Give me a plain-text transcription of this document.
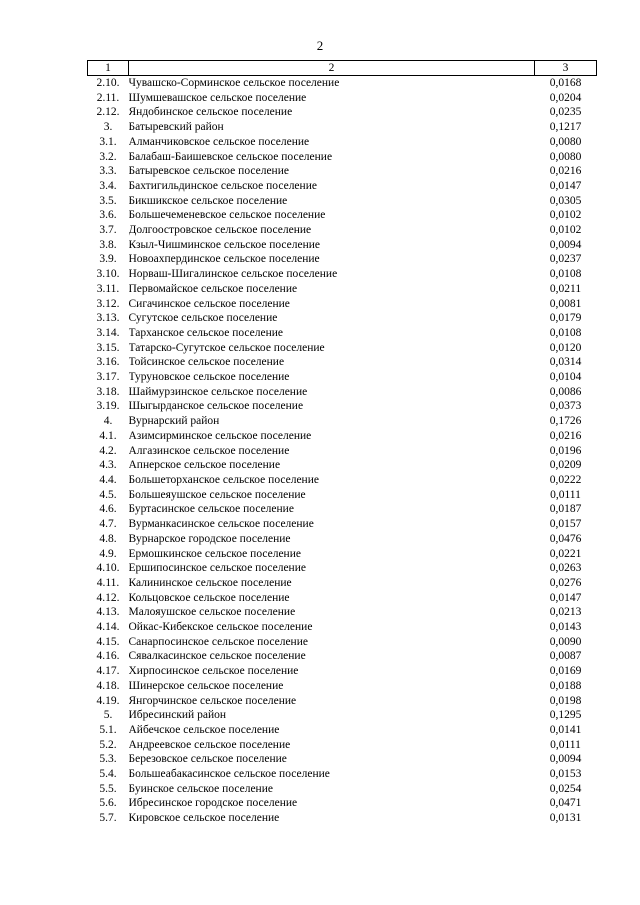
2
1	2	3
2.10.	Чувашско-Сорминское сельское поселение	0,0168
2.11.	Шумшевашское сельское поселение	0,0204
2.12.	Яндобинское сельское поселение	0,0235
3.	Батыревский район	0,1217
3.1.	Алманчиковское сельское поселение	0,0080
3.2.	Балабаш-Баишевское сельское поселение	0,0080
3.3.	Батыревское сельское поселение	0,0216
3.4.	Бахтигильдинское сельское поселение	0,0147
3.5.	Бикшикское сельское поселение	0,0305
3.6.	Большечеменевское сельское поселение	0,0102
3.7.	Долгоостровское сельское поселение	0,0102
3.8.	Кзыл-Чишминское сельское поселение	0,0094
3.9.	Новоахпердинское сельское поселение	0,0237
3.10.	Норваш-Шигалинское сельское поселение	0,0108
3.11.	Первомайское сельское поселение	0,0211
3.12.	Сигачинское сельское поселение	0,0081
3.13.	Сугутское сельское поселение	0,0179
3.14.	Тарханское сельское поселение	0,0108
3.15.	Татарско-Сугутское сельское поселение	0,0120
3.16.	Тойсинское сельское поселение	0,0314
3.17.	Туруновское сельское поселение	0,0104
3.18.	Шаймурзинское сельское поселение	0,0086
3.19.	Шыгырданское сельское поселение	0,0373
4.	Вурнарский район	0,1726
4.1.	Азимсирминское сельское поселение	0,0216
4.2.	Алгазинское сельское поселение	0,0196
4.3.	Апнерское сельское поселение	0,0209
4.4.	Большеторханское сельское поселение	0,0222
4.5.	Большеяушское сельское поселение	0,0111
4.6.	Буртасинское сельское поселение	0,0187
4.7.	Вурманкасинское сельское поселение	0,0157
4.8.	Вурнарское городское поселение	0,0476
4.9.	Ермошкинское сельское поселение	0,0221
4.10.	Ершипосинское сельское поселение	0,0263
4.11.	Калининское сельское поселение	0,0276
4.12.	Кольцовское сельское поселение	0,0147
4.13.	Малояушское сельское поселение	0,0213
4.14.	Ойкас-Кибекское сельское поселение	0,0143
4.15.	Санарпосинское сельское поселение	0,0090
4.16.	Сявалкасинское сельское поселение	0,0087
4.17.	Хирпосинское сельское поселение	0,0169
4.18.	Шинерское сельское поселение	0,0188
4.19.	Янгорчинское сельское поселение	0,0198
5.	Ибресинский район	0,1295
5.1.	Айбечское сельское поселение	0,0141
5.2.	Андреевское сельское поселение	0,0111
5.3.	Березовское сельское поселение	0,0094
5.4.	Большеабакасинское сельское поселение	0,0153
5.5.	Буинское сельское поселение	0,0254
5.6.	Ибресинское городское поселение	0,0471
5.7.	Кировское сельское поселение	0,0131
